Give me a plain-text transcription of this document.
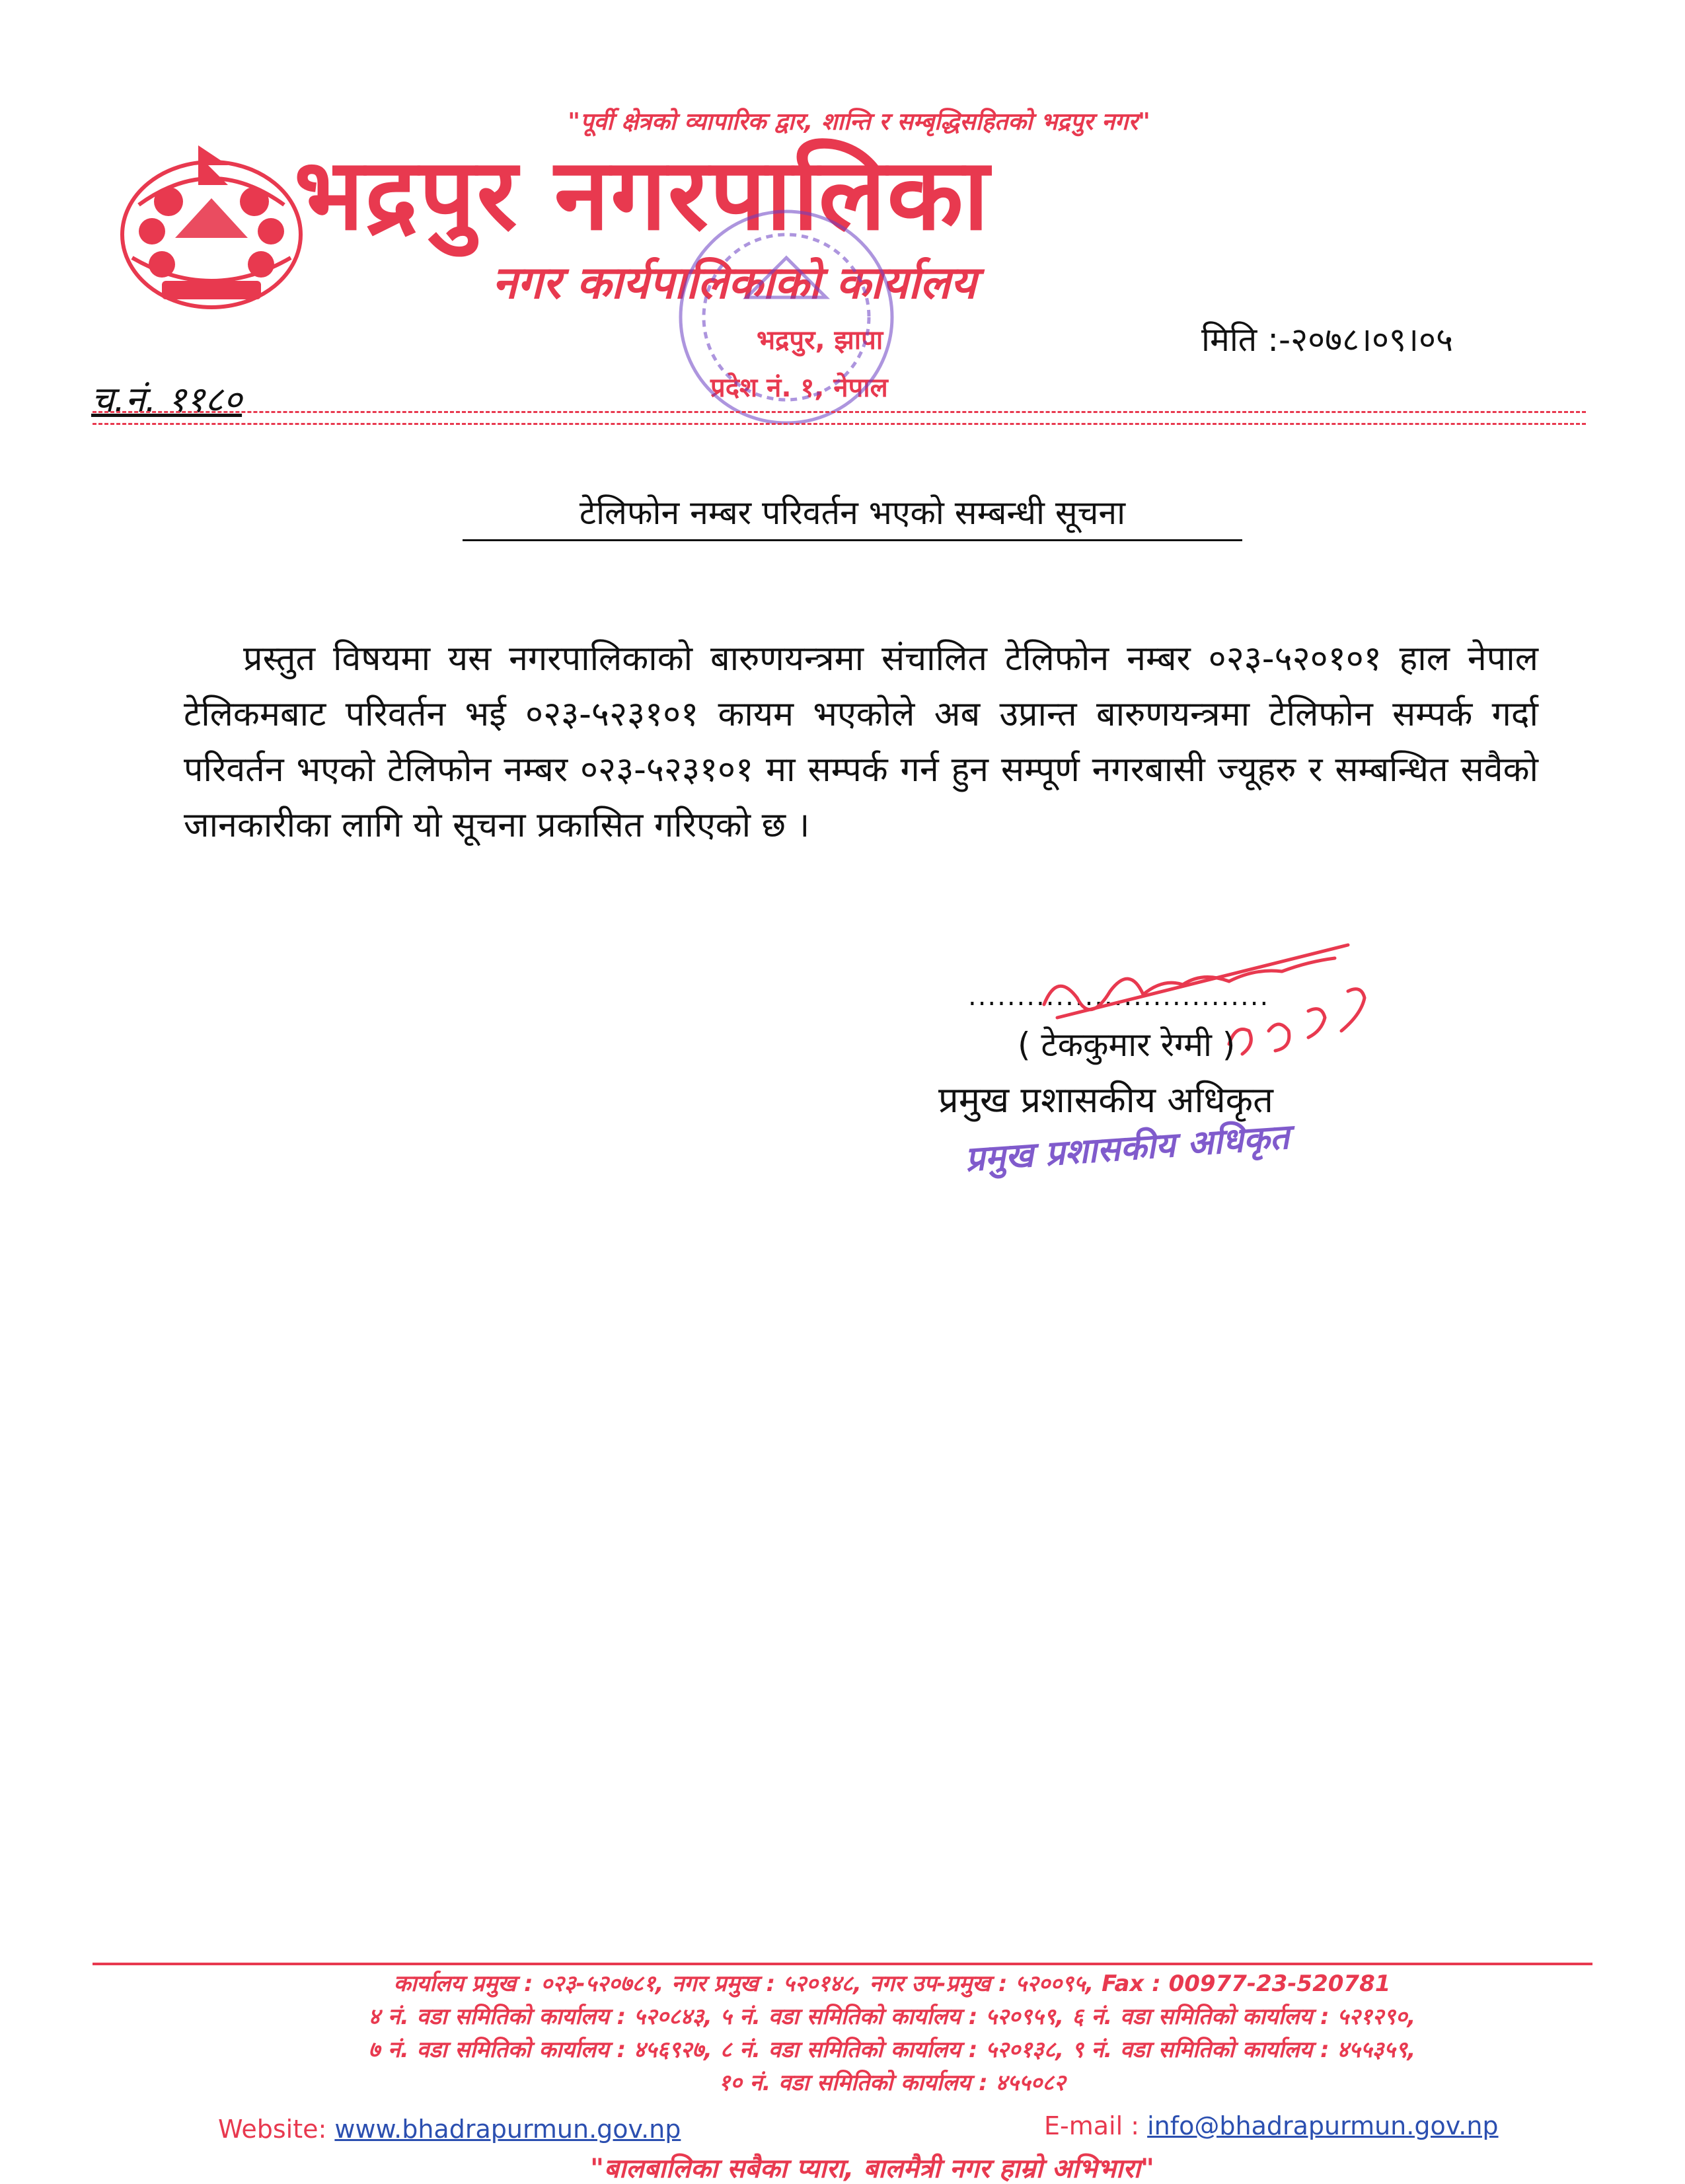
"पूर्वी क्षेत्रको व्यापारिक द्वार, शान्ति र सम्बृद्धिसहितको भद्रपुर नगर"
भद्रपुर नगरपालिका
नगर कार्यपालिकाको कार्यालय
भद्रपुर, झापा
प्रदेश नं. १, नेपाल
मिति :-२०७८।०९।०५
च.नं. ११८०
टेलिफोन नम्बर परिवर्तन भएको सम्बन्धी सूचना
प्रस्तुत विषयमा यस नगरपालिकाको बारुणयन्त्रमा संचालित टेलिफोन नम्बर ०२३-५२०१०१ हाल नेपाल टेलिकमबाट परिवर्तन भई ०२३-५२३१०१ कायम भएकोले अब उप्रान्त बारुणयन्त्रमा टेलिफोन सम्पर्क गर्दा परिवर्तन भएको टेलिफोन नम्बर ०२३-५२३१०१ मा सम्पर्क गर्न हुन सम्पूर्ण नगरबासी ज्यूहरु र सम्बन्धित सवैको जानकारीका लागि यो सूचना प्रकासित गरिएको छ ।
...............................
( टेककुमार रेग्मी )
प्रमुख प्रशासकीय अधिकृत
प्रमुख प्रशासकीय अधिकृत
कार्यालय प्रमुख : ०२३-५२०७८१, नगर प्रमुख : ५२०१४८, नगर उप-प्रमुख : ५२००९५, Fax : 00977-23-520781
४ नं. वडा समितिको कार्यालय : ५२०८४३, ५ नं. वडा समितिको कार्यालय : ५२०९५९, ६ नं. वडा समितिको कार्यालय : ५२१२९०,
७ नं. वडा समितिको कार्यालय : ४५६९२७, ८ नं. वडा समितिको कार्यालय : ५२०१३८, ९ नं. वडा समितिको कार्यालय : ४५५३५९,
१० नं. वडा समितिको कार्यालय : ४५५०८२
Website: www.bhadrapurmun.gov.np	E-mail : info@bhadrapurmun.gov.np
"बालबालिका सबैका प्यारा, बालमैत्री नगर हाम्रो अभिभारा"
